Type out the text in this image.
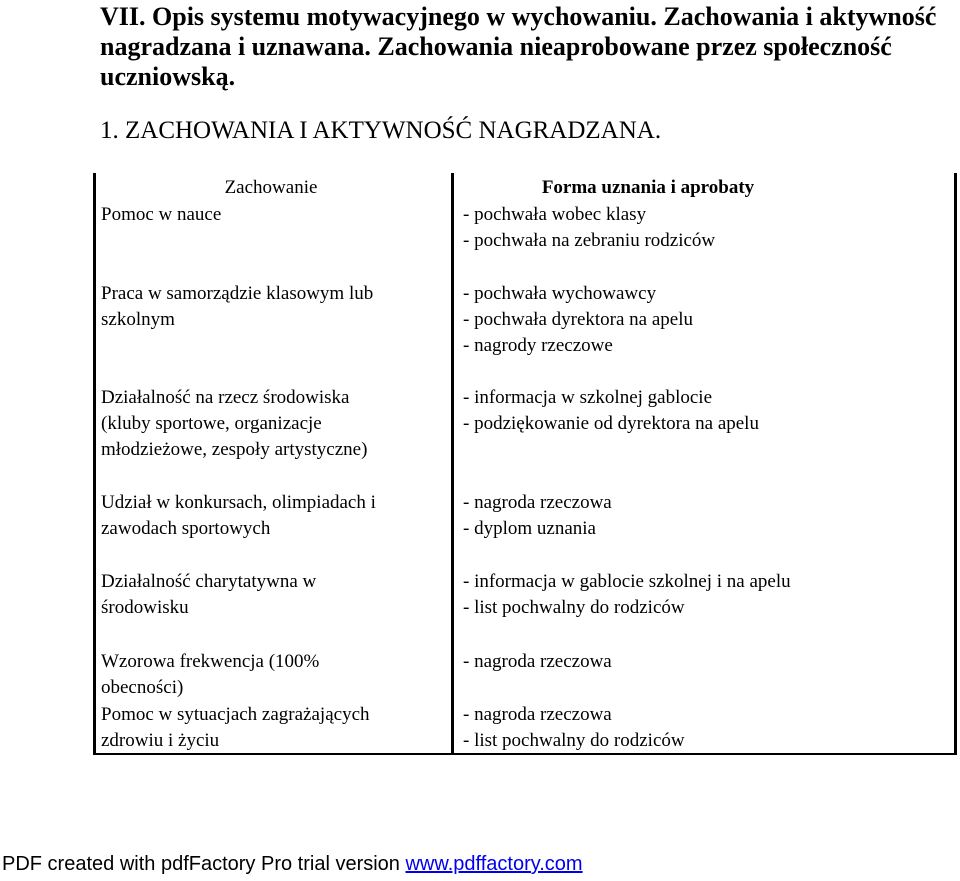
VII. Opis systemu motywacyjnego w wychowaniu. Zachowania i aktywność
nagradzana i uznawana. Zachowania nieaprobowane przez społeczność
uczniowską.
1. ZACHOWANIA I AKTYWNOŚĆ NAGRADZANA.
Zachowanie	Forma uznania i aprobaty
Pomoc w nauce	- pochwała wobec klasy
- pochwała na zebraniu rodziców
Praca w samorządzie klasowym lub
szkolnym
- pochwała wychowawcy
- pochwała dyrektora na apelu
- nagrody rzeczowe
Działalność na rzecz środowiska
(kluby sportowe, organizacje
młodzieżowe, zespoły artystyczne)
- informacja w szkolnej gablocie
- podziękowanie od dyrektora na apelu
Udział w konkursach, olimpiadach i
zawodach sportowych
- nagroda rzeczowa
- dyplom uznania
Działalność charytatywna w
środowisku
- informacja w gablocie szkolnej i na apelu
- list pochwalny do rodziców
Wzorowa frekwencja (100%
obecności)
- nagroda rzeczowa
Pomoc w sytuacjach zagrażających
zdrowiu i życiu
- nagroda rzeczowa
- list pochwalny do rodziców
PDF created with pdfFactory Pro trial version www.pdffactory.com
